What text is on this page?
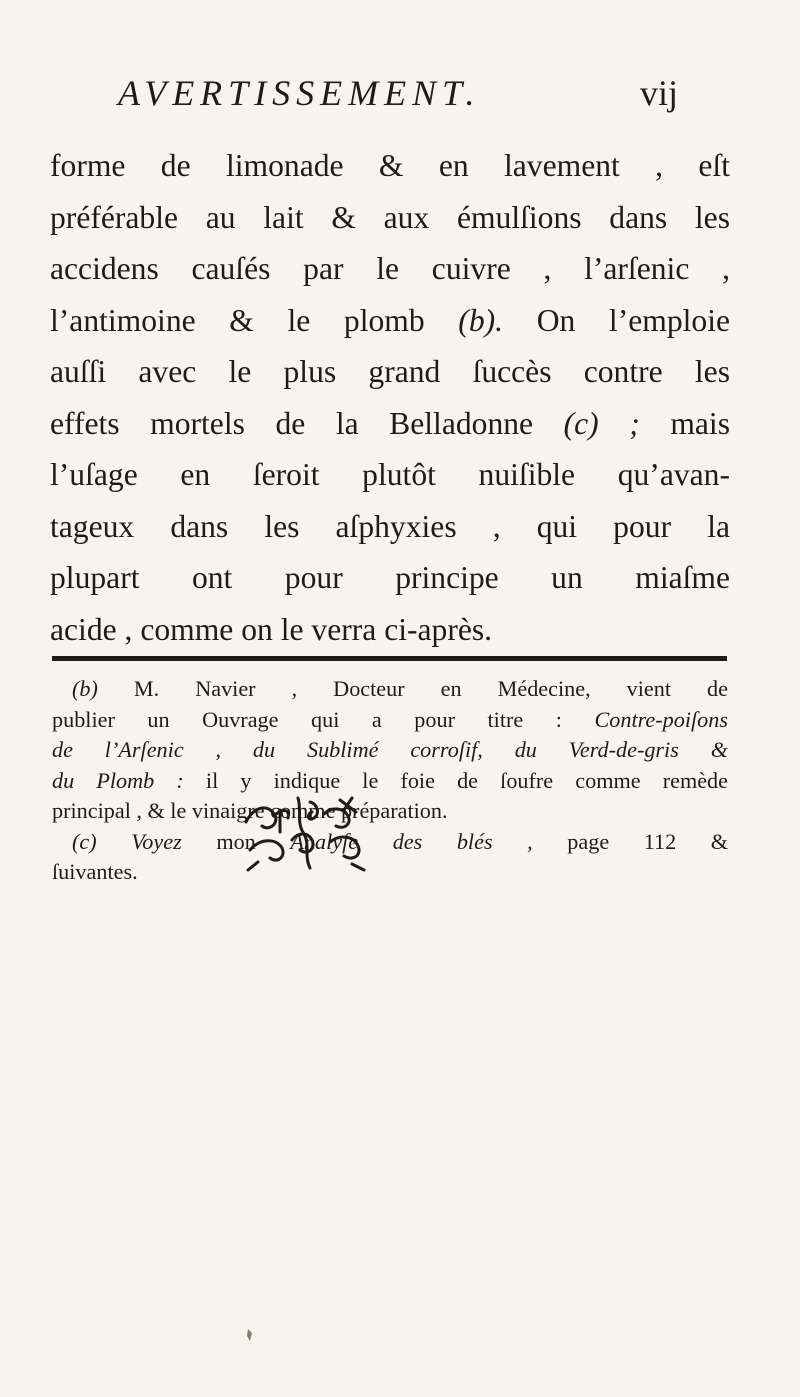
AVERTISSEMENT.	vij
forme de limonade & en lavement , eſt
préférable au lait & aux émulſions dans les
accidens cauſés par le cuivre , l’arſenic ,
l’antimoine & le plomb (b). On l’emploie
auſſi avec le plus grand ſuccès contre les
effets mortels de la Belladonne (c) ; mais
l’uſage en ſeroit plutôt nuiſible qu’avan-
tageux dans les aſphyxies , qui pour la
plupart ont pour principe un miaſme
acide , comme on le verra ci-après.
(b) M. Navier , Docteur en Médecine, vient de
publier un Ouvrage qui a pour titre : Contre-poiſons
de l’Arſenic , du Sublimé corroſif, du Verd-de-gris &
du Plomb : il y indique le foie de ſoufre comme remède
principal , & le vinaigre comme préparation.
(c) Voyez mon Analyſe des blés , page 112 &
ſuivantes.
